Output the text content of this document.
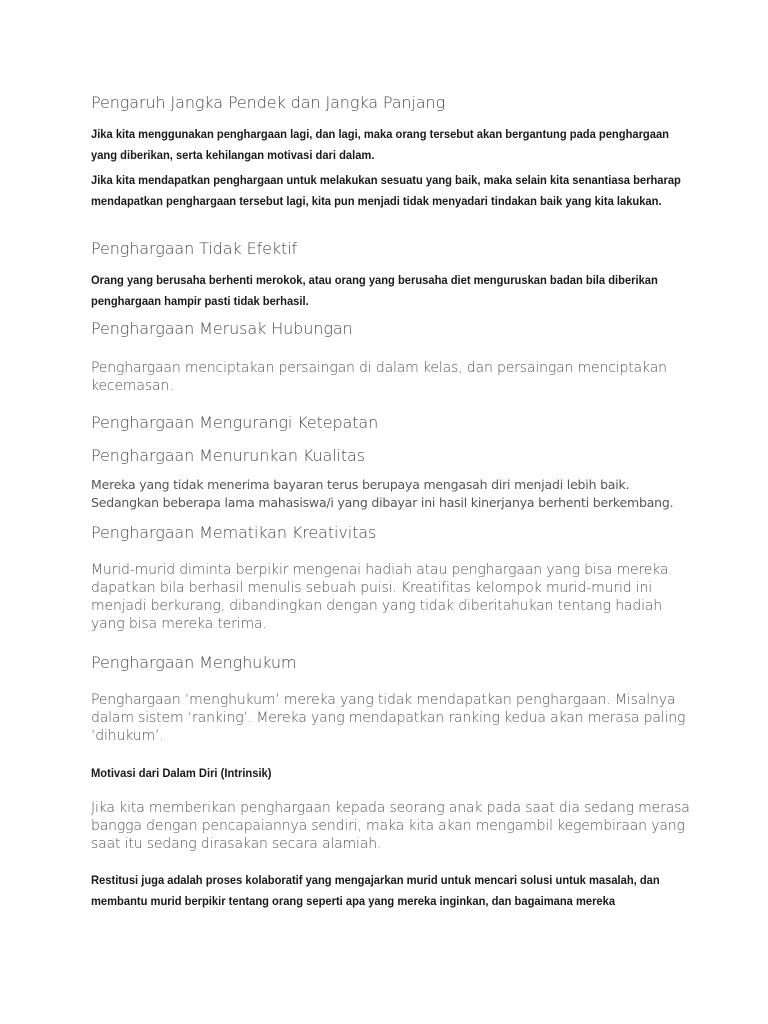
Pengaruh Jangka Pendek dan Jangka Panjang

Jika kita menggunakan penghargaan lagi, dan lagi, maka orang tersebut akan bergantung pada penghargaan yang diberikan, serta kehilangan motivasi dari dalam.

Jika kita mendapatkan penghargaan untuk melakukan sesuatu yang baik, maka selain kita senantiasa berharap mendapatkan penghargaan tersebut lagi, kita pun menjadi tidak menyadari tindakan baik yang kita lakukan.

Penghargaan Tidak Efektif

Orang yang berusaha berhenti merokok, atau orang yang berusaha diet menguruskan badan bila diberikan penghargaan hampir pasti tidak berhasil.

Penghargaan Merusak Hubungan

Penghargaan menciptakan persaingan di dalam kelas, dan persaingan menciptakan kecemasan.

Penghargaan Mengurangi Ketepatan
Penghargaan Menurunkan Kualitas

Mereka yang tidak menerima bayaran terus berupaya mengasah diri menjadi lebih baik. Sedangkan beberapa lama mahasiswa/i yang dibayar ini hasil kinerjanya berhenti berkembang.

Penghargaan Mematikan Kreativitas

Murid-murid diminta berpikir mengenai hadiah atau penghargaan yang bisa mereka dapatkan bila berhasil menulis sebuah puisi. Kreatifitas kelompok murid-murid ini menjadi berkurang, dibandingkan dengan yang tidak diberitahukan tentang hadiah yang bisa mereka terima.

Penghargaan Menghukum

Penghargaan ‘menghukum’ mereka yang tidak mendapatkan penghargaan. Misalnya dalam sistem ‘ranking’. Mereka yang mendapatkan ranking kedua akan merasa paling ‘dihukum’.

Motivasi dari Dalam Diri (Intrinsik)

Jika kita memberikan penghargaan kepada seorang anak pada saat dia sedang merasa bangga dengan pencapaiannya sendiri, maka kita akan mengambil kegembiraan yang saat itu sedang dirasakan secara alamiah.

Restitusi juga adalah proses kolaboratif yang mengajarkan murid untuk mencari solusi untuk masalah, dan membantu murid berpikir tentang orang seperti apa yang mereka inginkan, dan bagaimana mereka
